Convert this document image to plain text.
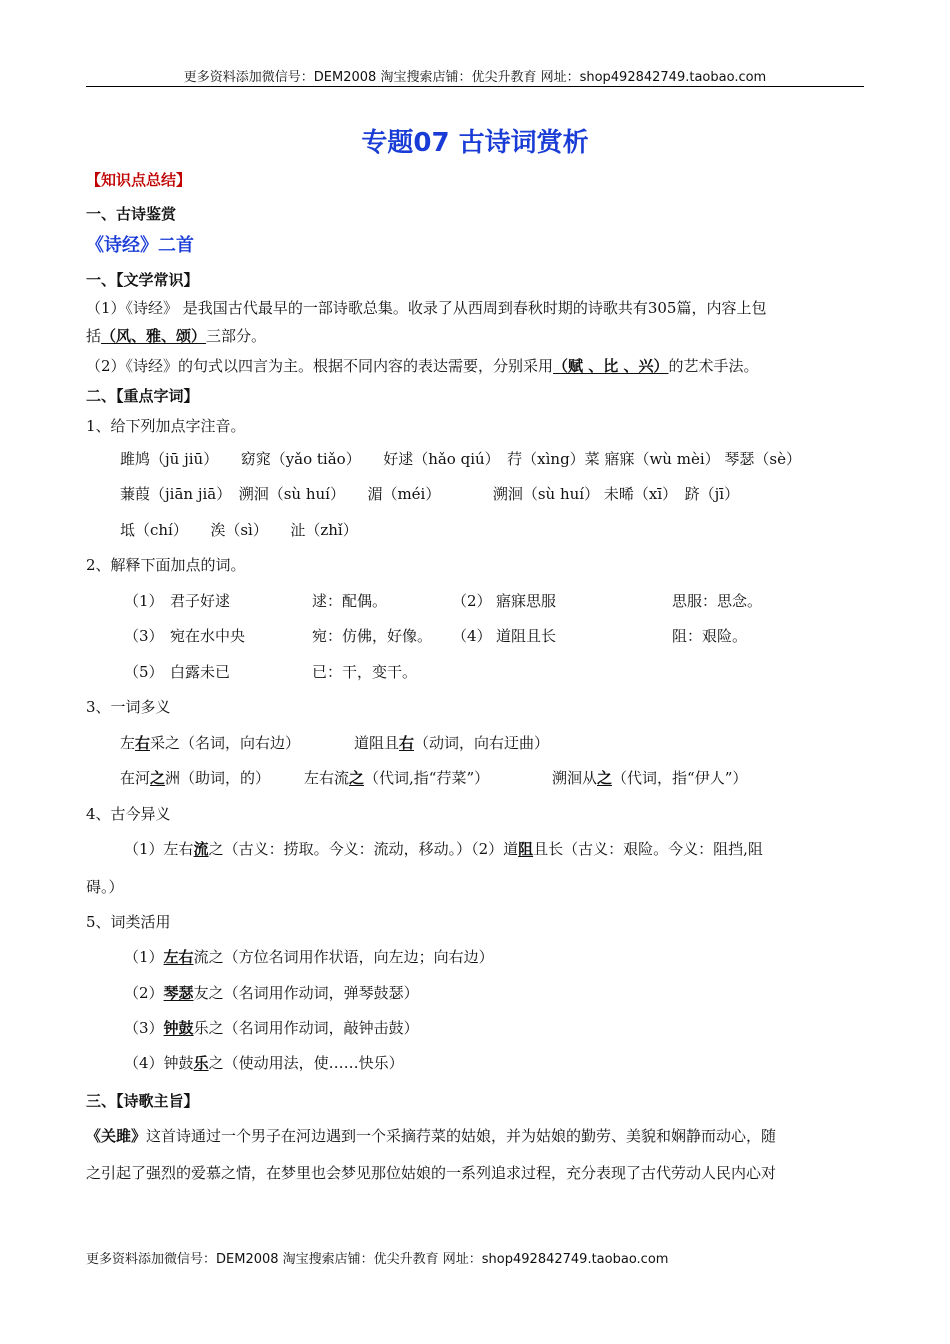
更多资料添加微信号：DEM2008 淘宝搜索店铺：优尖升教育 网址：shop492842749.taobao.com
专题07 古诗词赏析
【知识点总结】
一、古诗鉴赏
《诗经》二首
一、【文学常识】
（1）《诗经》 是我国古代最早的一部诗歌总集。收录了从西周到春秋时期的诗歌共有305篇，内容上包
括（风、雅、颂）三部分。
（2）《诗经》的句式以四言为主。根据不同内容的表达需要，分别采用（赋 、比 、兴）的艺术手法。
二、【重点字词】
1、给下列加点字注音。
雎鸠（jū jiū）　　窈窕（yǎo tiǎo）　　好逑（hǎo qiú）　荇（xìng）菜 寤寐（wù mèi） 琴瑟（sè）
蒹葭（jiān jiā）　溯洄（sù huí）　　湄（méi）　　　　溯洄（sù huí） 未晞（xī）　跻（jī）
坻（chí）　　涘（sì）　　沚（zhǐ）
2、解释下面加点的词。
（1） 君子好逑	逑：配偶。	（2） 寤寐思服	思服：思念。
（3） 宛在水中央	宛：仿佛，好像。 （4） 道阻且长	阻：艰险。
（5） 白露未已	已：干，变干。
3、一词多义
左右采之（名词，向右边）	道阻且右（动词，向右迂曲）
在河之洲（助词，的） 左右流之（代词,指“荇菜”）	溯洄从之（代词，指“伊人”）
4、古今异义
（1）左右流之（古义：捞取。今义：流动，移动。）（2）道阻且长（古义：艰险。今义：阻挡,阻
碍。）
5、词类活用
（1）左右流之（方位名词用作状语，向左边；向右边）
（2）琴瑟友之（名词用作动词，弹琴鼓瑟）
（3）钟鼓乐之（名词用作动词，敲钟击鼓）
（4）钟鼓乐之（使动用法，使……快乐）
三、【诗歌主旨】
《关雎》这首诗通过一个男子在河边遇到一个采摘荇菜的姑娘，并为姑娘的勤劳、美貌和娴静而动心，随
之引起了强烈的爱慕之情，在梦里也会梦见那位姑娘的一系列追求过程，充分表现了古代劳动人民内心对
更多资料添加微信号：DEM2008 淘宝搜索店铺：优尖升教育 网址：shop492842749.taobao.com
